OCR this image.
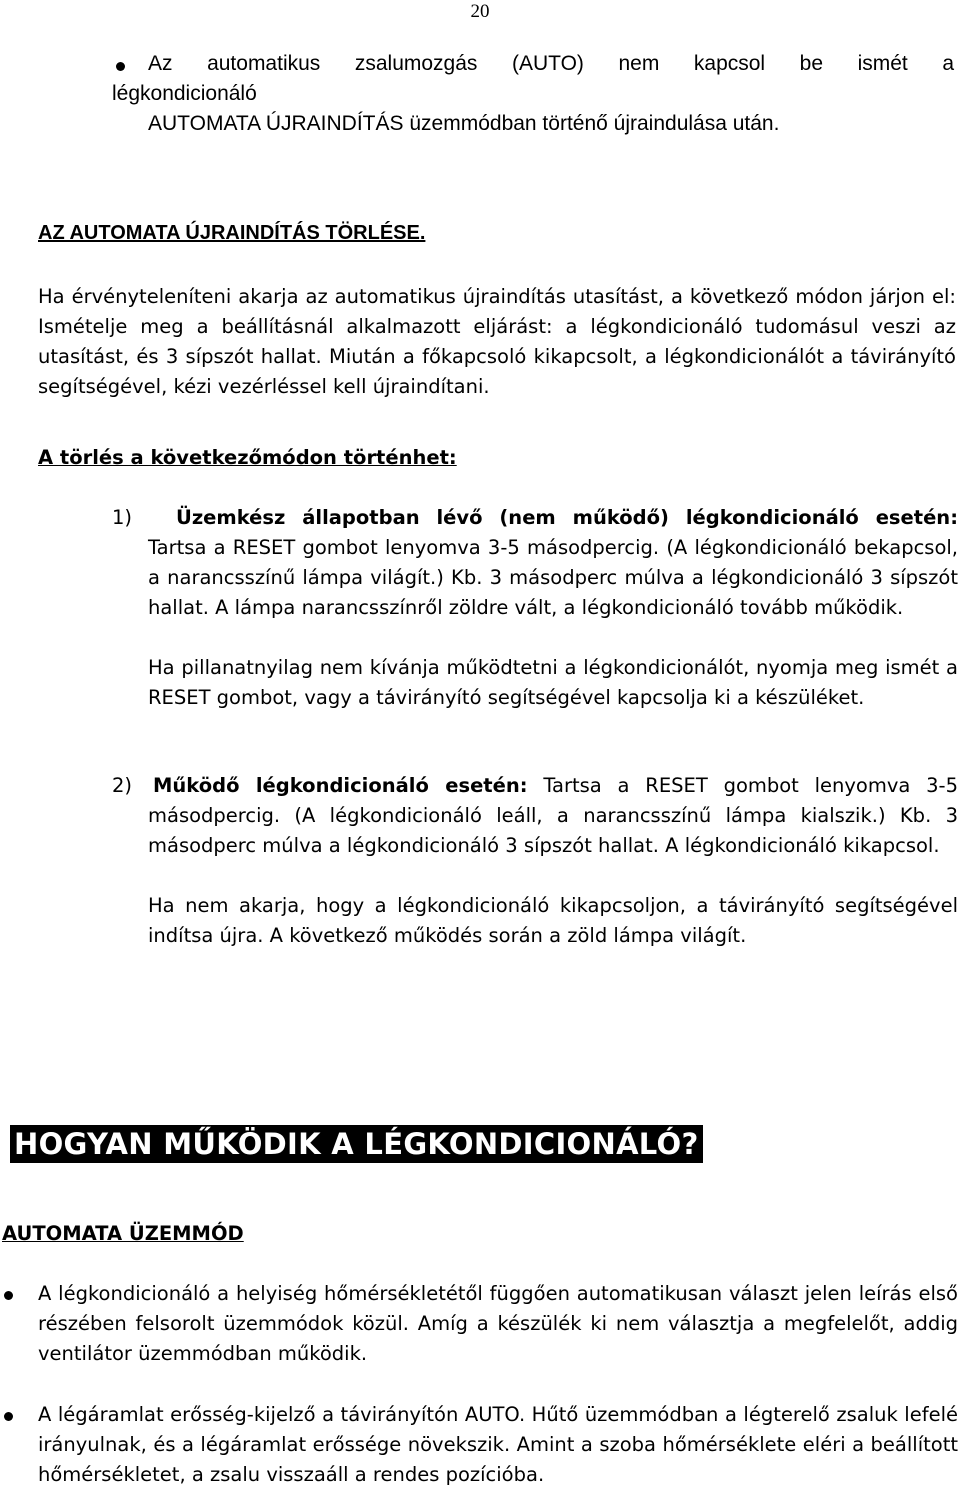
20
Az automatikus zsalumozgás (AUTO) nem kapcsol be ismét a
légkondicionáló
AUTOMATA ÚJRAINDÍTÁS üzemmódban történő újraindulása után.
AZ AUTOMATA ÚJRAINDÍTÁS TÖRLÉSE.
Ha érvényteleníteni akarja az automatikus újraindítás utasítást, a következő módon járjon el: Ismételje meg a beállításnál alkalmazott eljárást: a légkondicionáló tudomásul veszi az utasítást, és 3 sípszót hallat. Miután a főkapcsoló kikapcsolt, a légkondicionálót a távirányító segítségével, kézi vezérléssel kell újraindítani.
A törlés a következőmódon történhet:
1)	Üzemkész állapotban lévő (nem működő) légkondicionáló esetén: Tartsa a RESET gombot lenyomva 3-5 másodpercig. (A légkondicionáló bekapcsol, a narancsszínű lámpa világít.) Kb. 3 másodperc múlva a légkondicionáló 3 sípszót hallat. A lámpa narancsszínről zöldre vált, a légkondicionáló tovább működik.
Ha pillanatnyilag nem kívánja működtetni a légkondicionálót, nyomja meg ismét a RESET gombot, vagy a távirányító segítségével kapcsolja ki a készüléket.
2) Működő légkondicionáló esetén: Tartsa a RESET gombot lenyomva 3-5 másodpercig. (A légkondicionáló leáll, a narancsszínű lámpa kialszik.) Kb. 3 másodperc múlva a légkondicionáló 3 sípszót hallat. A légkondicionáló kikapcsol.
Ha nem akarja, hogy a légkondicionáló kikapcsoljon, a távirányító segítségével indítsa újra. A következő működés során a zöld lámpa világít.
HOGYAN MŰKÖDIK A LÉGKONDICIONÁLÓ?
AUTOMATA ÜZEMMÓD
A légkondicionáló a helyiség hőmérsékletétől függően automatikusan választ jelen leírás első részében felsorolt üzemmódok közül. Amíg a készülék ki nem választja a megfelelőt, addig ventilátor üzemmódban működik.
A légáramlat erősség-kijelző a távirányítón AUTO. Hűtő üzemmódban a légterelő zsaluk lefelé irányulnak, és a légáramlat erőssége növekszik. Amint a szoba hőmérséklete eléri a beállított hőmérsékletet, a zsalu visszaáll a rendes pozícióba.
